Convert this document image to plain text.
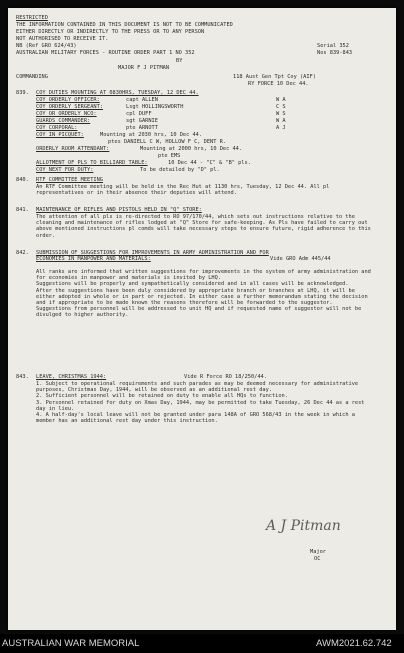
RESTRICTED
THE INFORMATION CONTAINED IN THIS DOCUMENT IS NOT TO BE COMMUNICATED
EITHER DIRECTLY OR INDIRECTLY TO THE PRESS OR TO ANY PERSON
NOT AUTHORISED TO RECEIVE IT.
NB (Ref GRO 624/43)
AUSTRALIAN MILITARY FORCES - ROUTINE ORDER PART 1 NO 352
Serial 352
Nos 839-843
BY
MAJOR F J PITMAN
COMMANDING	118 Aust Gen Tpt Coy (AIF)
RY FORCE 10 Dec 44.
839. COY DUTIES MOUNTING AT 0830HRS, TUESDAY, 12 DEC 44.
COY ORDERLY OFFICER:	capt ALLEN	W A
COY ORDERLY SERGEANT:	Lsgt HOLLINGSWORTH	C S
COY OR ORDERLY NCO:	cpl DUFF	W S
GUARDS COMMANDER:	sgt GARNIE	W A
COY CORPORAL:	pte ARNOTT	A J
COY IN PICQUET:	Mounting at 2030 hrs, 10 Dec 44.
ptes DANIELL C W, HOLLOW F C, DENT R.
ORDERLY ROOM ATTENDANT:	Mounting at 2000 hrs, 10 Dec 44.
pte EMS
ALLOTMENT OF PLS TO BILLIARD TABLE:	10 Dec 44 - "C" & "B" pls.
COY NEXT FOR DUTY:	To be detailed by "D" pl.
840. RTF COMMITTEE MEETING

An RTF Committee meeting will be held in the Rec Hut at 1130 hrs, Tuesday, 12 Dec 44. All pl representatives or in their absence their deputies will attend.

841. MAINTENANCE OF RIFLES AND PISTOLS HELD IN "Q" STORE:

The attention of all pls is re-directed to RO 97/170/44, which sets out instructions relative to the cleaning and maintenance of rifles lodged at "Q" Store for safe-keeping. As Pls have failed to carry out above mentioned instructions pl comds will take necessary steps to ensure future, rigid adherence to this order.

842. SUBMISSION OF SUGGESTIONS FOR IMPROVEMENTS IN ARMY ADMINISTRATION AND FOR ECONOMIES IN MANPOWER AND MATERIALS:	Vide GRO Adm 445/44

All ranks are informed that written suggestions for improvements in the system of army administration and for economies in manpower and materials is invited by LHQ.

Suggestions will be properly and sympathetically considered and in all cases will be acknowledged.

After the suggestions have been duly considered by appropriate branch or branches at LHQ, it will be either adopted in whole or in part or rejected. In either case a further memorandum stating the decision and if appropriate to be made known the reasons therefore will be forwarded to the suggestor.

Suggestions from personnel will be addressed to unit HQ and if requested name of suggestor will not be divulged to higher authority.

843. LEAVE, CHRISTMAS 1944:	Vide R Force RO 18/250/44.

1. Subject to operational requirements and such parades as may be deemed necessary for administrative purposes, Christmas Day, 1944, will be observed as an additional rest day.

2. Sufficient personnel will be retained on duty to enable all HQs to function.

3. Personnel retained for duty on Xmas Day, 1944, may be permitted to take Tuesday, 26 Dec 44 as a rest day in lieu.

4. A half-day's local leave will not be granted under para 148A of GRO 568/43 in the week in which a member has an additional rest day under this instruction.

A J Pitman
Major
OC
AUSTRALIAN WAR MEMORIAL	AWM2021.62.742
